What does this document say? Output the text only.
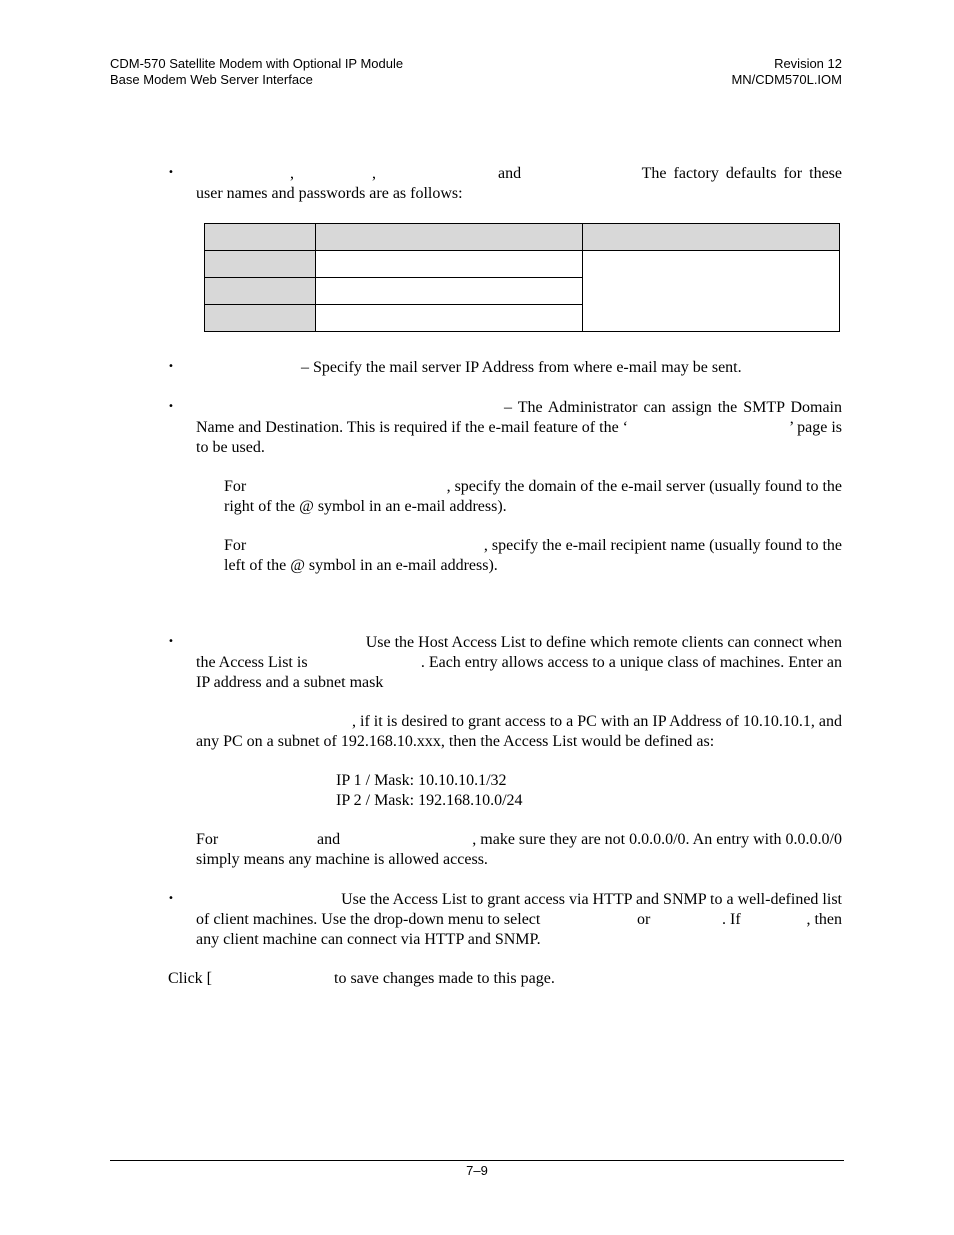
CDM-570 Satellite Modem with Optional IP Module
Base Modem Web Server Interface
Revision 12
MN/CDM570L.IOM
•	,	,	and	The factory defaults for these
user names and passwords are as follows:

•	– Specify the mail server IP Address from where e-mail may be sent.
•	– The Administrator can assign the SMTP Domain
Name and Destination. This is required if the e-mail feature of the ‘	’ page is
to be used.
For	, specify the domain of the e-mail server (usually found to the
right of the @ symbol in an e-mail address).
For	, specify the e-mail recipient name (usually found to the
left of the @ symbol in an e-mail address).
•	Use the Host Access List to define which remote clients can connect when
the Access List is	. Each entry allows access to a unique class of machines. Enter an
IP address and a subnet mask
, if it is desired to grant access to a PC with an IP Address of 10.10.10.1, and
any PC on a subnet of 192.168.10.xxx, then the Access List would be defined as:
IP 1 / Mask: 10.10.10.1/32
IP 2 / Mask: 192.168.10.0/24
For	and	, make sure they are not 0.0.0.0/0. An entry with 0.0.0.0/0
simply means any machine is allowed access.
•	Use the Access List to grant access via HTTP and SNMP to a well-defined list
of client machines. Use the drop-down menu to select	or	. If	, then
any client machine can connect via HTTP and SNMP.
Click [	to save changes made to this page.
7–9
